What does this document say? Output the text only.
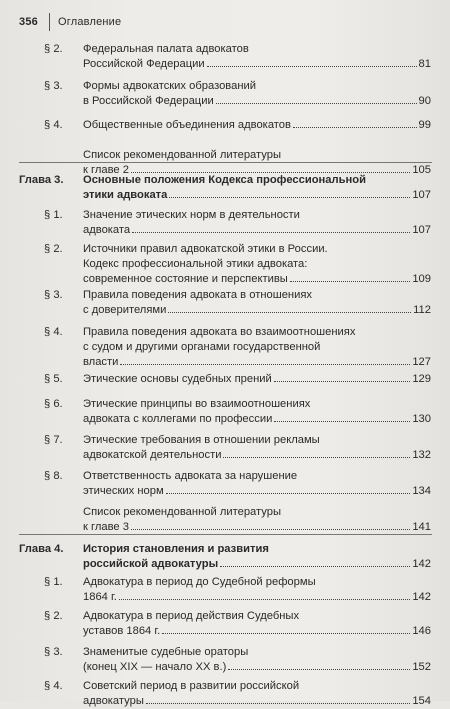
356 Оглавление
§ 2. Федеральная палата адвокатов
Российской Федерации	81
§ 3. Формы адвокатских образований
в Российской Федерации	90
§ 4. Общественные объединения адвокатов	99
Список рекомендованной литературы
к главе 2	105
Глава 3. Основные положения Кодекса профессиональной
этики адвоката	107
§ 1. Значение этических норм в деятельности
адвоката	107
§ 2. Источники правил адвокатской этики в России.
Кодекс профессиональной этики адвоката:
современное состояние и перспективы	109
§ 3. Правила поведения адвоката в отношениях
с доверителями	112
§ 4. Правила поведения адвоката во взаимоотношениях
с судом и другими органами государственной
власти	127
§ 5. Этические основы судебных прений	129
§ 6. Этические принципы во взаимоотношениях
адвоката с коллегами по профессии	130
§ 7. Этические требования в отношении рекламы
адвокатской деятельности	132
§ 8. Ответственность адвоката за нарушение
этических норм	134
Список рекомендованной литературы
к главе 3	141
Глава 4. История становления и развития
российской адвокатуры	142
§ 1. Адвокатура в период до Судебной реформы
1864 г.	142
§ 2. Адвокатура в период действия Судебных
уставов 1864 г.	146
§ 3. Знаменитые судебные ораторы
(конец XIX — начало XX в.)	152
§ 4. Советский период в развитии российской
адвокатуры	154
